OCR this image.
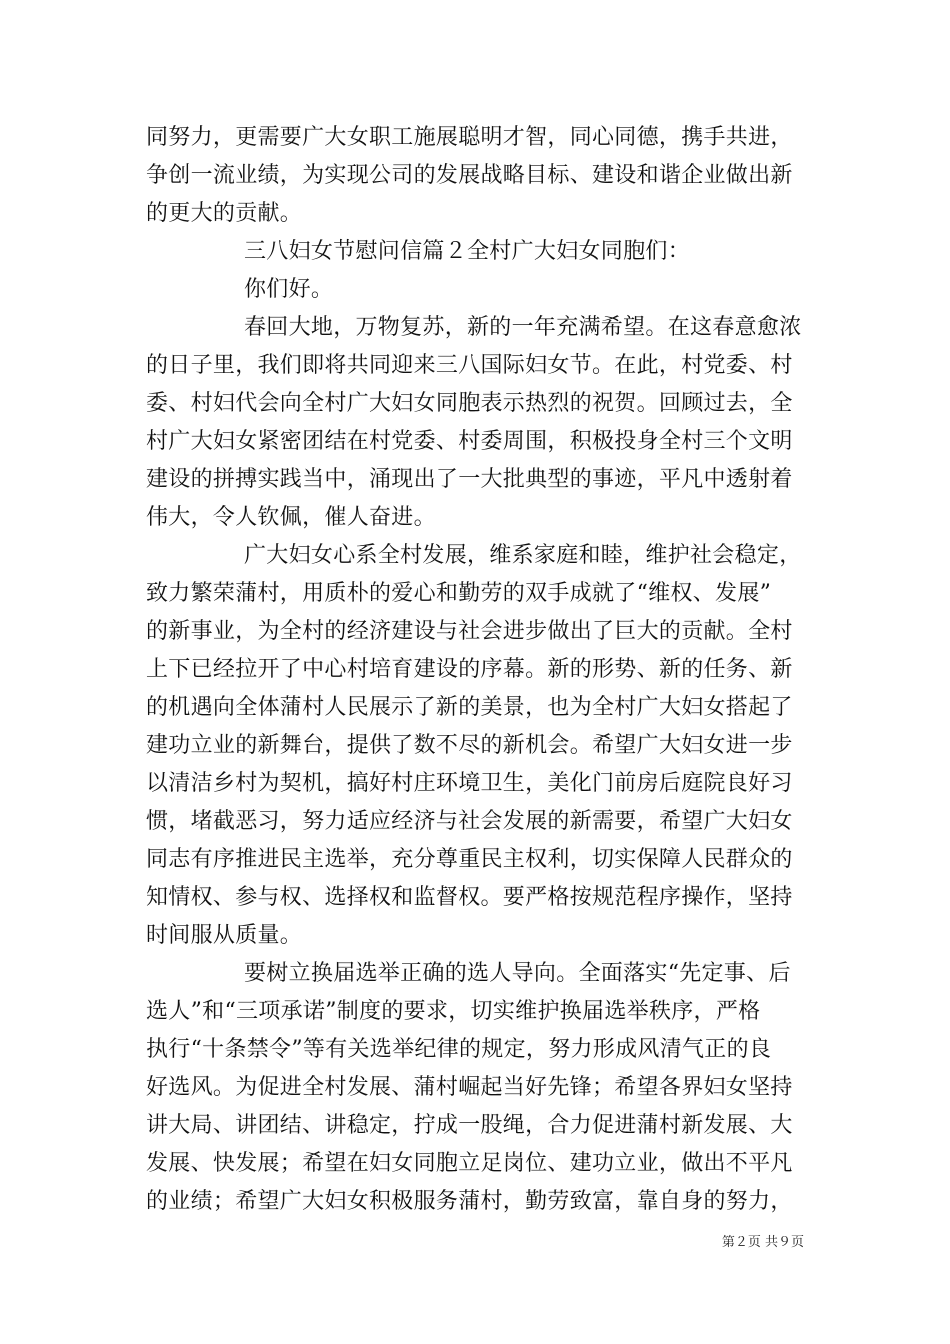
同努力，更需要广大女职工施展聪明才智，同心同德，携手共进，
争创一流业绩，为实现公司的发展战略目标、建设和谐企业做出新
的更大的贡献。
三八妇女节慰问信篇２全村广大妇女同胞们：
你们好。
春回大地，万物复苏，新的一年充满希望。在这春意愈浓
的日子里，我们即将共同迎来三八国际妇女节。在此，村党委、村
委、村妇代会向全村广大妇女同胞表示热烈的祝贺。回顾过去，全
村广大妇女紧密团结在村党委、村委周围，积极投身全村三个文明
建设的拼搏实践当中，涌现出了一大批典型的事迹，平凡中透射着
伟大，令人钦佩，催人奋进。
广大妇女心系全村发展，维系家庭和睦，维护社会稳定，
致力繁荣蒲村，用质朴的爱心和勤劳的双手成就了“维权、发展”
的新事业，为全村的经济建设与社会进步做出了巨大的贡献。全村
上下已经拉开了中心村培育建设的序幕。新的形势、新的任务、新
的机遇向全体蒲村人民展示了新的美景，也为全村广大妇女搭起了
建功立业的新舞台，提供了数不尽的新机会。希望广大妇女进一步
以清洁乡村为契机，搞好村庄环境卫生，美化门前房后庭院良好习
惯，堵截恶习，努力适应经济与社会发展的新需要，希望广大妇女
同志有序推进民主选举，充分尊重民主权利，切实保障人民群众的
知情权、参与权、选择权和监督权。要严格按规范程序操作，坚持
时间服从质量。
要树立换届选举正确的选人导向。全面落实“先定事、后
选人”和“三项承诺”制度的要求，切实维护换届选举秩序，严格
执行“十条禁令”等有关选举纪律的规定，努力形成风清气正的良
好选风。为促进全村发展、蒲村崛起当好先锋；希望各界妇女坚持
讲大局、讲团结、讲稳定，拧成一股绳，合力促进蒲村新发展、大
发展、快发展；希望在妇女同胞立足岗位、建功立业，做出不平凡
的业绩；希望广大妇女积极服务蒲村，勤劳致富，靠自身的努力，
第２页 共９页
